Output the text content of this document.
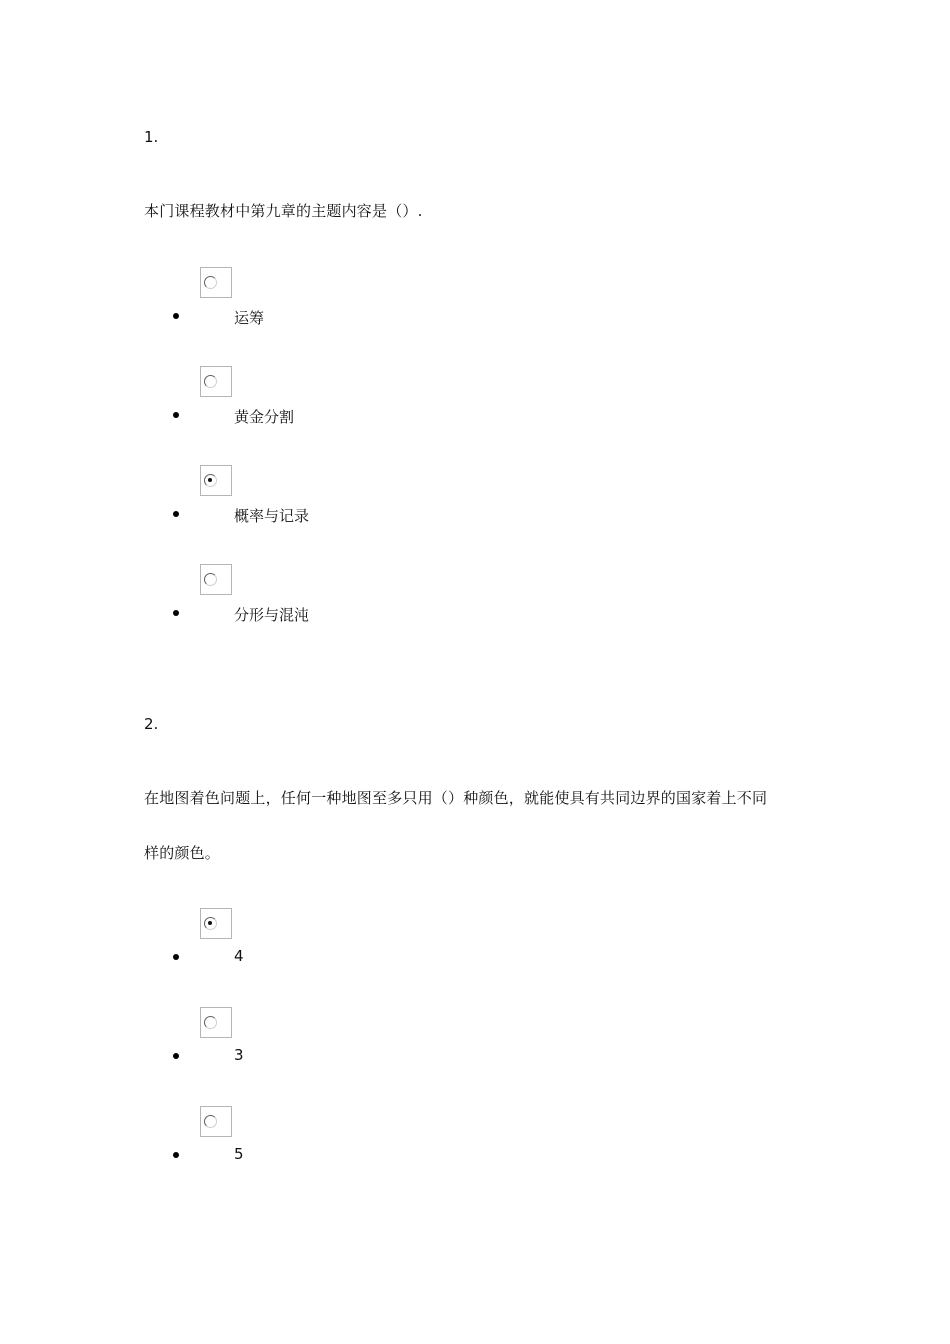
1.
本门课程教材中第九章的主题内容是（）.
运筹
黄金分割
概率与记录
分形与混沌
2.
在地图着色问题上，任何一种地图至多只用（）种颜色，就能使具有共同边界的国家着上不同
样的颜色。
4
3
5
